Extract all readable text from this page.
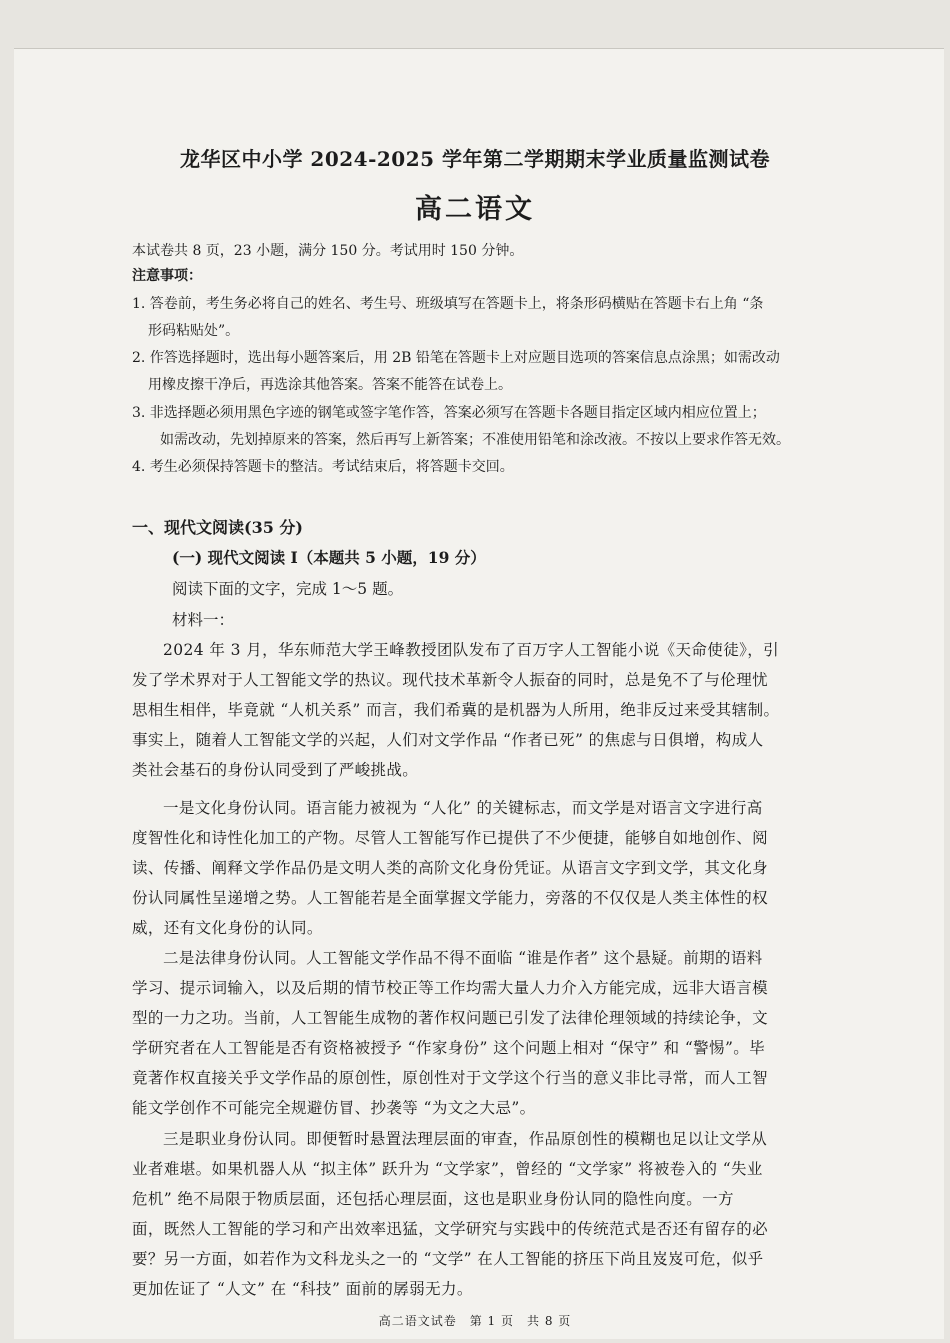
龙华区中小学 2024-2025 学年第二学期期末学业质量监测试卷
高二语文
本试卷共 8 页，23 小题，满分 150 分。考试用时 150 分钟。
注意事项：
1. 答卷前，考生务必将自己的姓名、考生号、班级填写在答题卡上，将条形码横贴在答题卡右上角 “条
形码粘贴处”。
2. 作答选择题时，选出每小题答案后，用 2B 铅笔在答题卡上对应题目选项的答案信息点涂黑；如需改动
用橡皮擦干净后，再选涂其他答案。答案不能答在试卷上。
3. 非选择题必须用黑色字迹的钢笔或签字笔作答，答案必须写在答题卡各题目指定区域内相应位置上；
如需改动，先划掉原来的答案，然后再写上新答案；不准使用铅笔和涂改液。不按以上要求作答无效。
4. 考生必须保持答题卡的整洁。考试结束后，将答题卡交回。
一、现代文阅读(35 分)
(一) 现代文阅读 I（本题共 5 小题，19 分）
阅读下面的文字，完成 1～5 题。
材料一：
2024 年 3 月，华东师范大学王峰教授团队发布了百万字人工智能小说《天命使徒》，引
发了学术界对于人工智能文学的热议。现代技术革新令人振奋的同时，总是免不了与伦理忧
思相生相伴，毕竟就 “人机关系” 而言，我们希冀的是机器为人所用，绝非反过来受其辖制。
事实上，随着人工智能文学的兴起，人们对文学作品 “作者已死” 的焦虑与日俱增，构成人
类社会基石的身份认同受到了严峻挑战。
一是文化身份认同。语言能力被视为 “人化” 的关键标志，而文学是对语言文字进行高
度智性化和诗性化加工的产物。尽管人工智能写作已提供了不少便捷，能够自如地创作、阅
读、传播、阐释文学作品仍是文明人类的高阶文化身份凭证。从语言文字到文学，其文化身
份认同属性呈递增之势。人工智能若是全面掌握文学能力，旁落的不仅仅是人类主体性的权
威，还有文化身份的认同。
二是法律身份认同。人工智能文学作品不得不面临 “谁是作者” 这个悬疑。前期的语料
学习、提示词输入，以及后期的情节校正等工作均需大量人力介入方能完成，远非大语言模
型的一力之功。当前，人工智能生成物的著作权问题已引发了法律伦理领域的持续论争，文
学研究者在人工智能是否有资格被授予 “作家身份” 这个问题上相对 “保守” 和 “警惕”。毕
竟著作权直接关乎文学作品的原创性，原创性对于文学这个行当的意义非比寻常，而人工智
能文学创作不可能完全规避仿冒、抄袭等 “为文之大忌”。
三是职业身份认同。即便暂时悬置法理层面的审查，作品原创性的模糊也足以让文学从
业者难堪。如果机器人从 “拟主体” 跃升为 “文学家”，曾经的 “文学家” 将被卷入的 “失业
危机” 绝不局限于物质层面，还包括心理层面，这也是职业身份认同的隐性向度。一方
面，既然人工智能的学习和产出效率迅猛，文学研究与实践中的传统范式是否还有留存的必
要？另一方面，如若作为文科龙头之一的 “文学” 在人工智能的挤压下尚且岌岌可危，似乎
更加佐证了 “人文” 在 “科技” 面前的孱弱无力。
高二语文试卷　第 1 页　共 8 页
